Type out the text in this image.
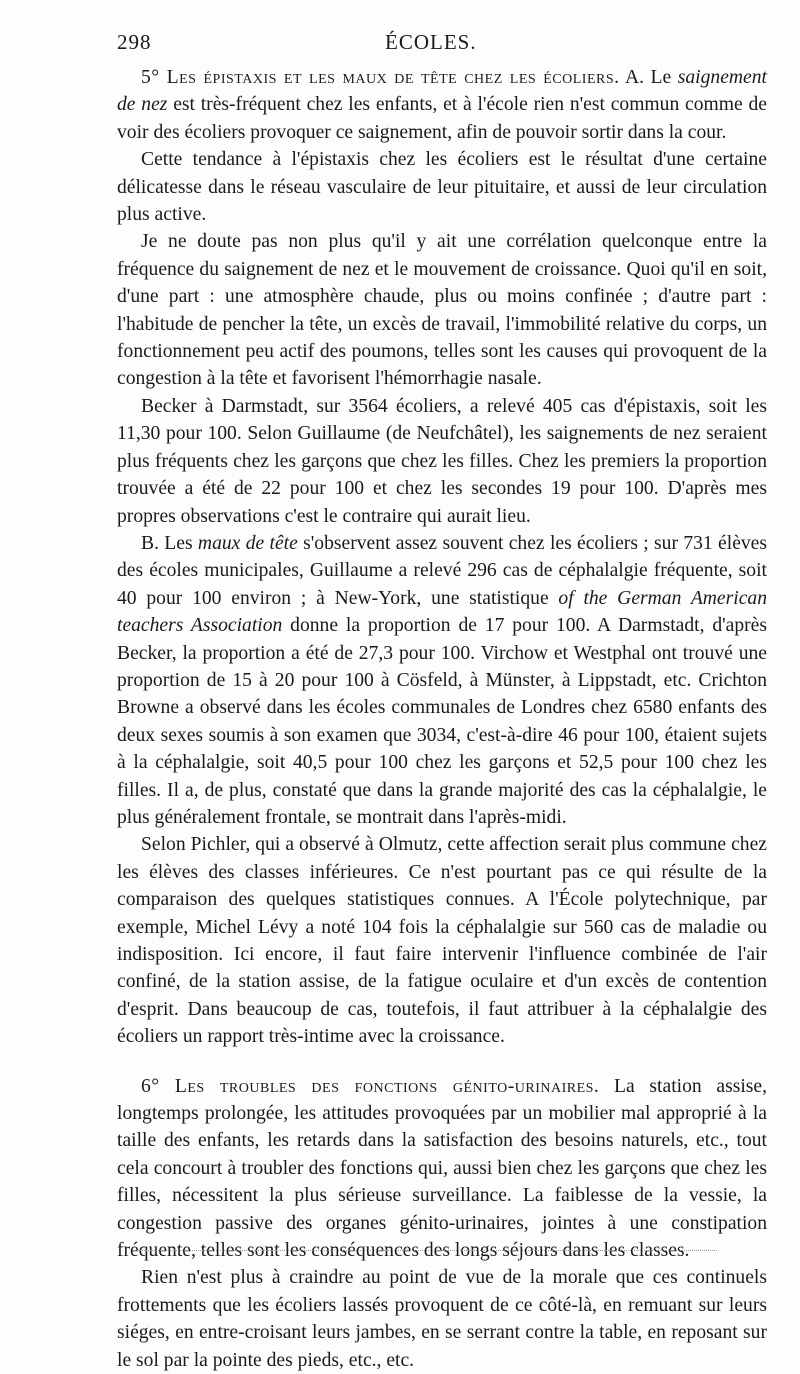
298	ÉCOLES.

5° Les épistaxis et les maux de tête chez les écoliers. A. Le saignement de nez est très-fréquent chez les enfants, et à l'école rien n'est commun comme de voir des écoliers provoquer ce saignement, afin de pouvoir sortir dans la cour.

Cette tendance à l'épistaxis chez les écoliers est le résultat d'une certaine délicatesse dans le réseau vasculaire de leur pituitaire, et aussi de leur circulation plus active.

Je ne doute pas non plus qu'il y ait une corrélation quelconque entre la fréquence du saignement de nez et le mouvement de croissance. Quoi qu'il en soit, d'une part : une atmosphère chaude, plus ou moins confinée ; d'autre part : l'habitude de pencher la tête, un excès de travail, l'immobilité relative du corps, un fonctionnement peu actif des poumons, telles sont les causes qui provoquent de la congestion à la tête et favorisent l'hémorrhagie nasale.

Becker à Darmstadt, sur 3564 écoliers, a relevé 405 cas d'épistaxis, soit les 11,30 pour 100. Selon Guillaume (de Neufchâtel), les saignements de nez seraient plus fréquents chez les garçons que chez les filles. Chez les premiers la proportion trouvée a été de 22 pour 100 et chez les secondes 19 pour 100. D'après mes propres observations c'est le contraire qui aurait lieu.

B. Les maux de tête s'observent assez souvent chez les écoliers ; sur 731 élèves des écoles municipales, Guillaume a relevé 296 cas de céphalalgie fréquente, soit 40 pour 100 environ ; à New-York, une statistique of the German American teachers Association donne la proportion de 17 pour 100. A Darmstadt, d'après Becker, la proportion a été de 27,3 pour 100. Virchow et Westphal ont trouvé une proportion de 15 à 20 pour 100 à Cösfeld, à Münster, à Lippstadt, etc. Crichton Browne a observé dans les écoles communales de Londres chez 6580 enfants des deux sexes soumis à son examen que 3034, c'est-à-dire 46 pour 100, étaient sujets à la céphalalgie, soit 40,5 pour 100 chez les garçons et 52,5 pour 100 chez les filles. Il a, de plus, constaté que dans la grande majorité des cas la céphalalgie, le plus généralement frontale, se montrait dans l'après-midi.

Selon Pichler, qui a observé à Olmutz, cette affection serait plus commune chez les élèves des classes inférieures. Ce n'est pourtant pas ce qui résulte de la comparaison des quelques statistiques connues. A l'École polytechnique, par exemple, Michel Lévy a noté 104 fois la céphalalgie sur 560 cas de maladie ou indisposition. Ici encore, il faut faire intervenir l'influence combinée de l'air confiné, de la station assise, de la fatigue oculaire et d'un excès de contention d'esprit. Dans beaucoup de cas, toutefois, il faut attribuer à la céphalalgie des écoliers un rapport très-intime avec la croissance.

6° Les troubles des fonctions génito-urinaires. La station assise, longtemps prolongée, les attitudes provoquées par un mobilier mal approprié à la taille des enfants, les retards dans la satisfaction des besoins naturels, etc., tout cela concourt à troubler des fonctions qui, aussi bien chez les garçons que chez les filles, nécessitent la plus sérieuse surveillance. La faiblesse de la vessie, la congestion passive des organes génito-urinaires, jointes à une constipation fréquente, telles sont les conséquences des longs séjours dans les classes.

Rien n'est plus à craindre au point de vue de la morale que ces continuels frottements que les écoliers lassés provoquent de ce côté-là, en remuant sur leurs siéges, en entre-croisant leurs jambes, en se serrant contre la table, en reposant sur le sol par la pointe des pieds, etc., etc.
